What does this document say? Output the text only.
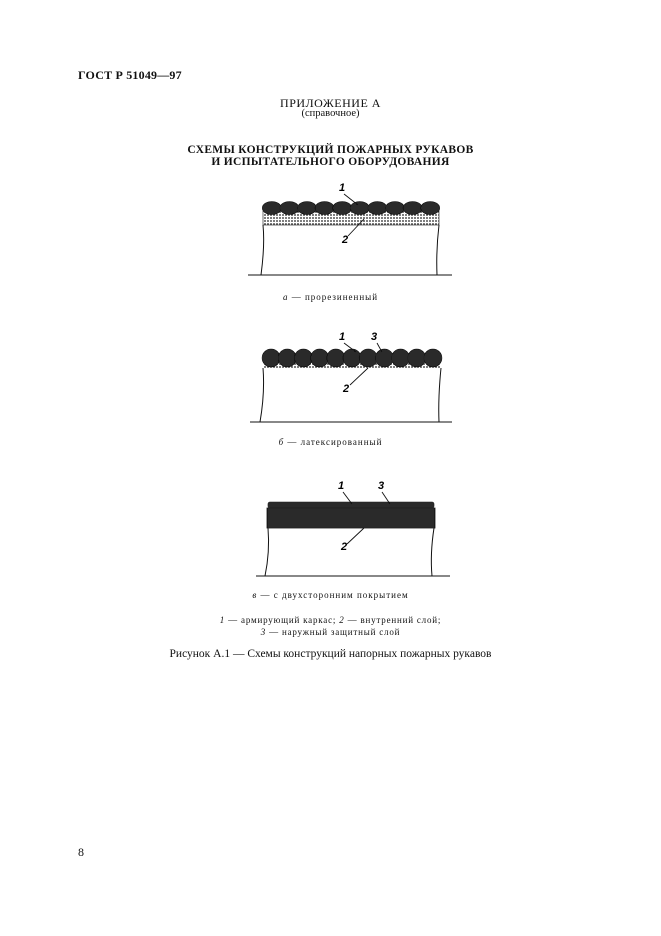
ГОСТ Р 51049—97
ПРИЛОЖЕНИЕ А
(справочное)
СХЕМЫ КОНСТРУКЦИЙ ПОЖАРНЫХ РУКАВОВ
И ИСПЫТАТЕЛЬНОГО ОБОРУДОВАНИЯ
1
2
а — прорезиненный
1 3
2
б — латексированный
1	3
2
в — с двухсторонним покрытием
1 — армирующий каркас; 2 — внутренний слой;
3 — наружный защитный слой
Рисунок А.1 — Схемы конструкций напорных пожарных рукавов
8
